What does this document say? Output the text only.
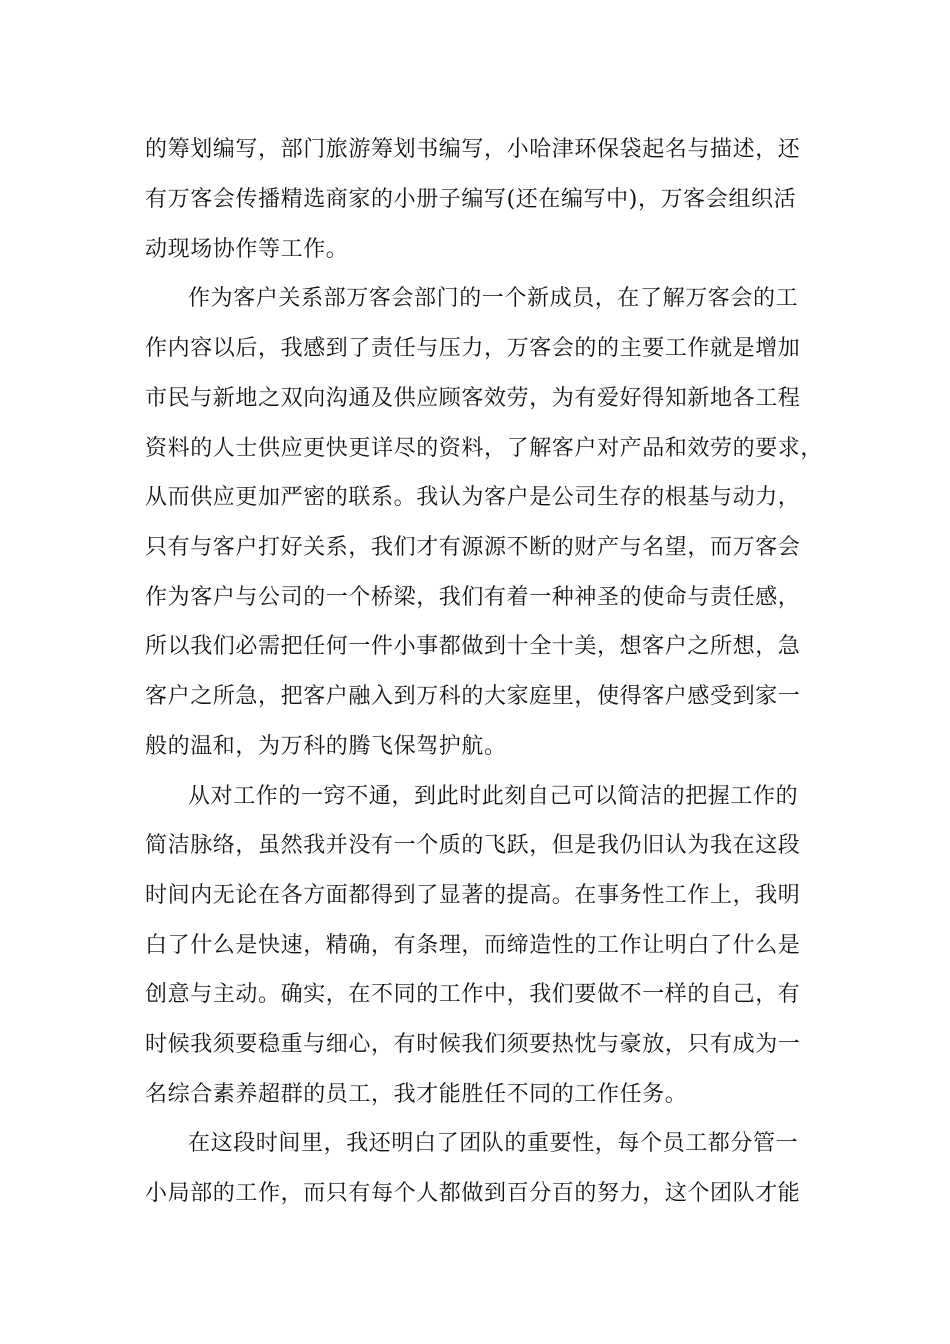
的筹划编写，部门旅游筹划书编写，小哈津环保袋起名与描述，还
有万客会传播精选商家的小册子编写(还在编写中)，万客会组织活
动现场协作等工作。
作为客户关系部万客会部门的一个新成员，在了解万客会的工
作内容以后，我感到了责任与压力，万客会的的主要工作就是增加
市民与新地之双向沟通及供应顾客效劳，为有爱好得知新地各工程
资料的人士供应更快更详尽的资料，了解客户对产品和效劳的要求，
从而供应更加严密的联系。我认为客户是公司生存的根基与动力，
只有与客户打好关系，我们才有源源不断的财产与名望，而万客会
作为客户与公司的一个桥梁，我们有着一种神圣的使命与责任感，
所以我们必需把任何一件小事都做到十全十美，想客户之所想，急
客户之所急，把客户融入到万科的大家庭里，使得客户感受到家一
般的温和，为万科的腾飞保驾护航。
从对工作的一窍不通，到此时此刻自己可以简洁的把握工作的
简洁脉络，虽然我并没有一个质的飞跃，但是我仍旧认为我在这段
时间内无论在各方面都得到了显著的提高。在事务性工作上，我明
白了什么是快速，精确，有条理，而缔造性的工作让明白了什么是
创意与主动。确实，在不同的工作中，我们要做不一样的自己，有
时候我须要稳重与细心，有时候我们须要热忱与豪放，只有成为一
名综合素养超群的员工，我才能胜任不同的工作任务。
在这段时间里，我还明白了团队的重要性，每个员工都分管一
小局部的工作，而只有每个人都做到百分百的努力，这个团队才能
